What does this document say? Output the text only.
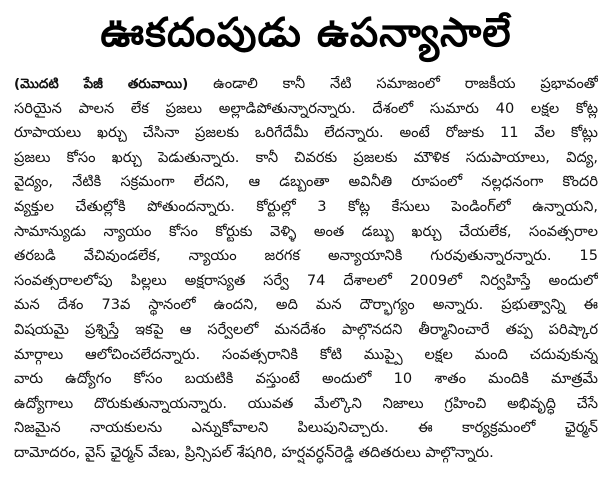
ఊకదంపుడు ఉపన్యాసాలే
(మొదటి పేజీ తరువాయి) ఉండాలి కానీ నేటి సమాజంలో రాజకీయ ప్రభావంతో
సరియైన పాలన లేక ప్రజలు అల్లాడిపోతున్నారన్నారు. దేశంలో సుమారు 40 లక్షల కోట్ల
రూపాయలు ఖర్చు చేసినా ప్రజలకు ఒరిగేదేమీ లేదన్నారు. అంటే రోజుకు 11 వేల కోట్లు
ప్రజలు కోసం ఖర్చు పెడుతున్నారు. కానీ చివరకు ప్రజలకు మౌళిక సదుపాయాలు, విద్య,
వైద్యం, నేటికి సక్రమంగా లేదని, ఆ డబ్బంతా అవినీతి రూపంలో నల్లధనంగా కొందరి
వ్యక్తుల చేతుల్లోకి పోతుందన్నారు. కోర్టుల్లో 3 కోట్ల కేసులు పెండింగ్‌లో ఉన్నాయని,
సామాన్యుడు న్యాయం కోసం కోర్టుకు వెళ్ళి అంత డబ్బు ఖర్చు చేయలేక, సంవత్సరాల
తరబడి వేచివుండలేక, న్యాయం జరగక అన్యాయానికి గురవుతున్నారన్నారు. 15
సంవత్సరాలలోపు పిల్లలు అక్షరాస్యత సర్వే 74 దేశాలలో 2009లో నిర్వహిస్తే అందులో
మన దేశం 73వ స్థానంలో ఉందని, అది మన దౌర్భాగ్యం అన్నారు. ప్రభుత్వాన్ని ఈ
విషయమై ప్రశ్నిస్తే ఇకపై ఆ సర్వేలలో మనదేశం పాల్గొనదని తీర్మానించారే తప్ప పరిష్కార
మార్గాలు ఆలోచించలేదన్నారు. సంవత్సరానికి కోటి ముప్పై లక్షల మంది చదువుకున్న
వారు ఉద్యోగం కోసం బయటికి వస్తుంటే అందులో 10 శాతం మందికి మాత్రమే
ఉద్యోగాలు దొరుకుతున్నాయన్నారు. యువత మేల్కొని నిజాలు గ్రహించి అభివృద్ధి చేసే
నిజమైన నాయకులను ఎన్నుకోవాలని పిలుపునిచ్చారు. ఈ కార్యక్రమంలో ఛైర్మన్
దామోదరం, వైస్ ఛైర్మన్ వేణు, ప్రిన్సిపల్ శేషగిరి, హర్షవర్ధన్‌రెడ్డి తదితరులు పాల్గొన్నారు.
